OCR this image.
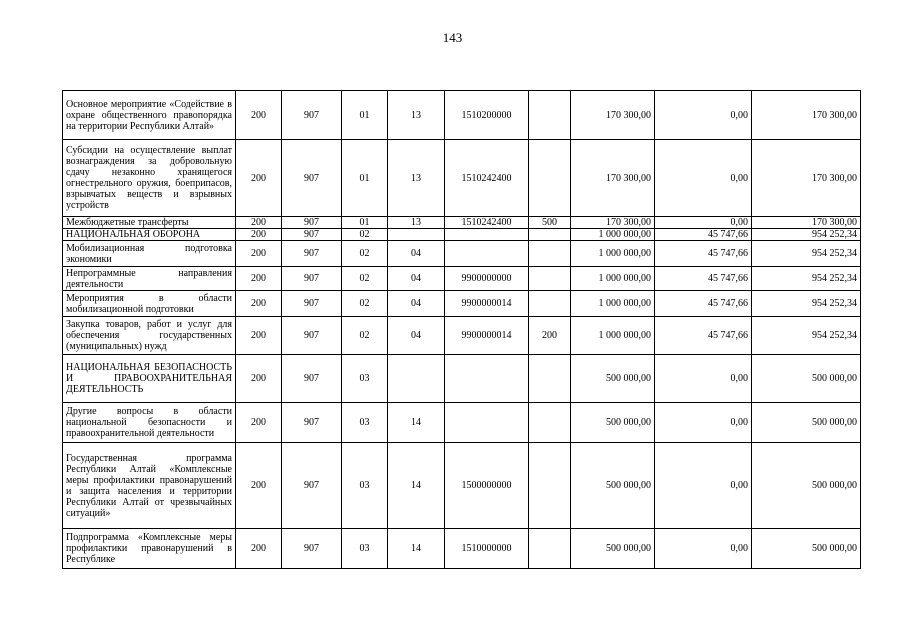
143
Основное мероприятие «Содействие в охране общественного правопорядка на территории Республики Алтай»	200	907	01	13	1510200000		170 300,00	0,00	170 300,00
Субсидии на осуществление выплат вознаграждения за добровольную сдачу незаконно хранящегося огнестрельного оружия, боеприпасов, взрывчатых веществ и взрывных устройств	200	907	01	13	1510242400		170 300,00	0,00	170 300,00
Межбюджетные трансферты	200	907	01	13	1510242400	500	170 300,00	0,00	170 300,00
НАЦИОНАЛЬНАЯ ОБОРОНА	200	907	02				1 000 000,00	45 747,66	954 252,34
Мобилизационная подготовка экономики	200	907	02	04			1 000 000,00	45 747,66	954 252,34
Непрограммные направления деятельности	200	907	02	04	9900000000		1 000 000,00	45 747,66	954 252,34
Мероприятия в области мобилизационной подготовки	200	907	02	04	9900000014		1 000 000,00	45 747,66	954 252,34
Закупка товаров, работ и услуг для обеспечения государственных (муниципальных) нужд	200	907	02	04	9900000014	200	1 000 000,00	45 747,66	954 252,34
НАЦИОНАЛЬНАЯ БЕЗОПАСНОСТЬ И ПРАВООХРАНИТЕЛЬНАЯ ДЕЯТЕЛЬНОСТЬ	200	907	03				500 000,00	0,00	500 000,00
Другие вопросы в области национальной безопасности и правоохранительной деятельности	200	907	03	14			500 000,00	0,00	500 000,00
Государственная программа Республики Алтай «Комплексные меры профилактики правонарушений и защита населения и территории Республики Алтай от чрезвычайных ситуаций»	200	907	03	14	1500000000		500 000,00	0,00	500 000,00
Подпрограмма «Комплексные меры профилактики правонарушений в Республике	200	907	03	14	1510000000		500 000,00	0,00	500 000,00
